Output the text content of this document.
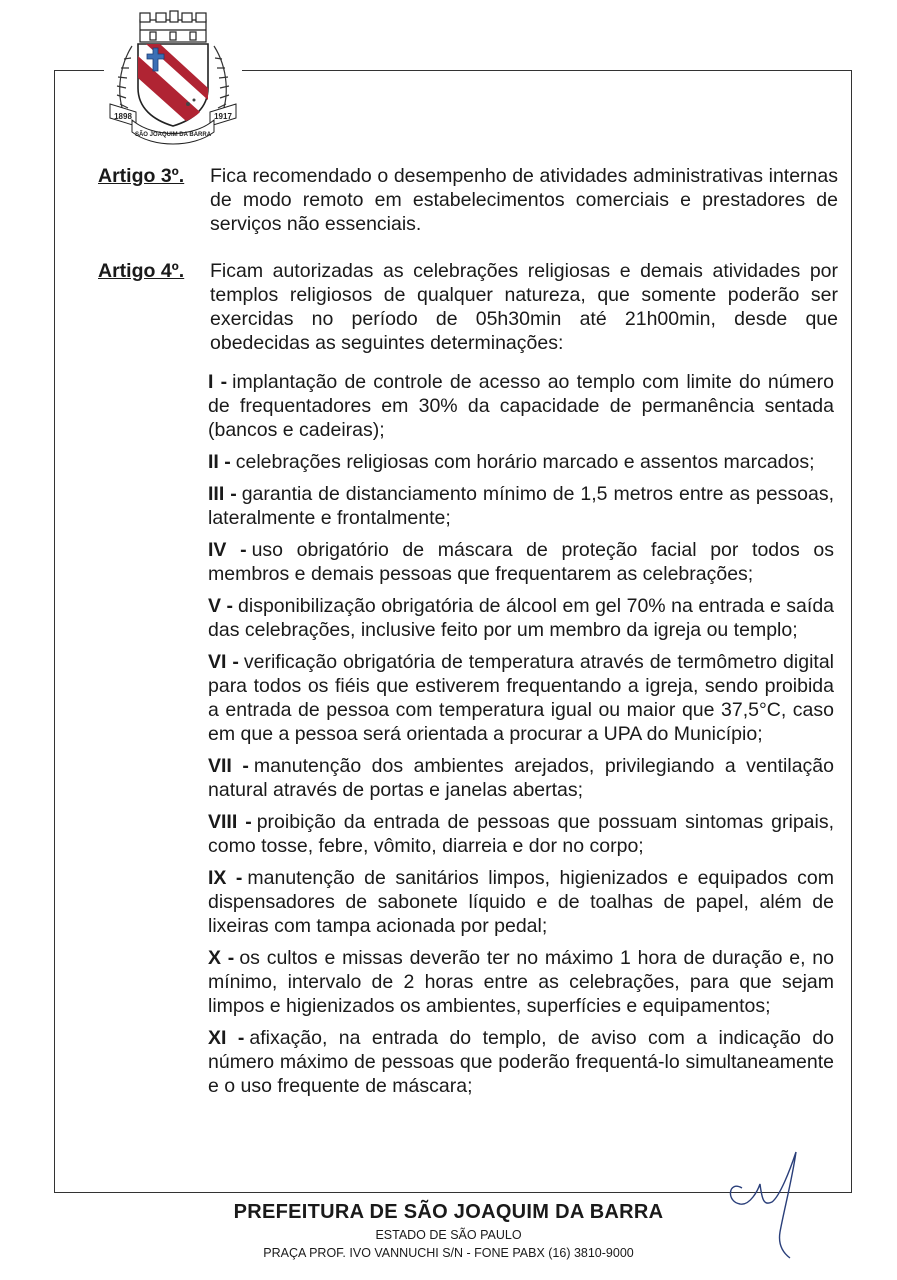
1898	1917
SÃO JOAQUIM DA BARRA
Artigo 3º.	Fica recomendado o desempenho de atividades administrativas internas de modo remoto em estabelecimentos comerciais e prestadores de serviços não essenciais.
Artigo 4º.	Ficam autorizadas as celebrações religiosas e demais atividades por templos religiosos de qualquer natureza, que somente poderão ser exercidas no período de 05h30min até 21h00min, desde que obedecidas as seguintes determinações:
I - implantação de controle de acesso ao templo com limite do número de frequentadores em 30% da capacidade de permanência sentada (bancos e cadeiras);
II - celebrações religiosas com horário marcado e assentos marcados;
III - garantia de distanciamento mínimo de 1,5 metros entre as pessoas, lateralmente e frontalmente;
IV - uso obrigatório de máscara de proteção facial por todos os membros e demais pessoas que frequentarem as celebrações;
V - disponibilização obrigatória de álcool em gel 70% na entrada e saída das celebrações, inclusive feito por um membro da igreja ou templo;
VI - verificação obrigatória de temperatura através de termômetro digital para todos os fiéis que estiverem frequentando a igreja, sendo proibida a entrada de pessoa com temperatura igual ou maior que 37,5°C, caso em que a pessoa será orientada a procurar a UPA do Município;
VII - manutenção dos ambientes arejados, privilegiando a ventilação natural através de portas e janelas abertas;
VIII - proibição da entrada de pessoas que possuam sintomas gripais, como tosse, febre, vômito, diarreia e dor no corpo;
IX - manutenção de sanitários limpos, higienizados e equipados com dispensadores de sabonete líquido e de toalhas de papel, além de lixeiras com tampa acionada por pedal;
X - os cultos e missas deverão ter no máximo 1 hora de duração e, no mínimo, intervalo de 2 horas entre as celebrações, para que sejam limpos e higienizados os ambientes, superfícies e equipamentos;
XI - afixação, na entrada do templo, de aviso com a indicação do número máximo de pessoas que poderão frequentá-lo simultaneamente e o uso frequente de máscara;
PREFEITURA DE SÃO JOAQUIM DA BARRA
ESTADO DE SÃO PAULO
PRAÇA PROF. IVO VANNUCHI S/N - FONE PABX (16) 3810-9000
